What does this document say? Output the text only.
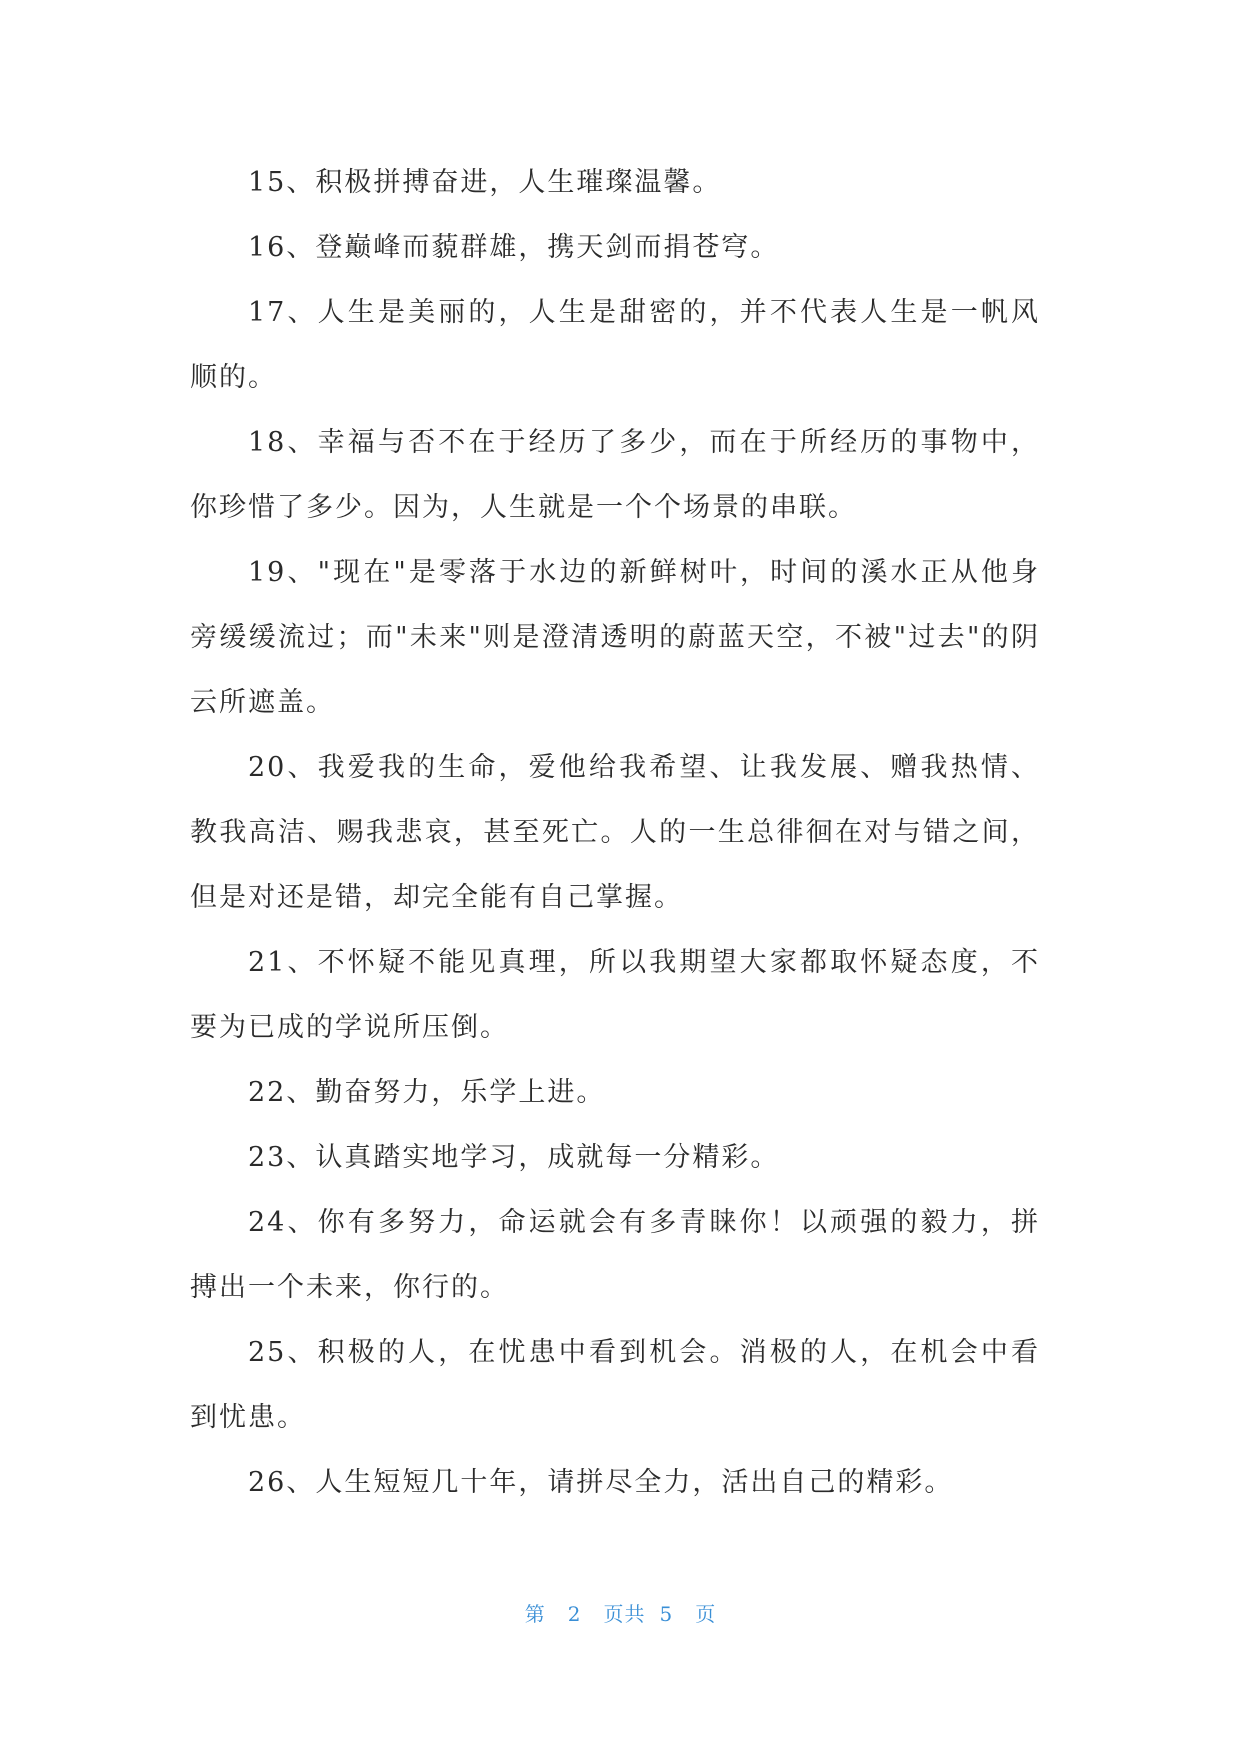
15、积极拼搏奋进，人生璀璨温馨。

16、登巅峰而藐群雄，携天剑而捐苍穹。

17、人生是美丽的，人生是甜密的，并不代表人生是一帆风顺的。

18、幸福与否不在于经历了多少，而在于所经历的事物中，你珍惜了多少。因为，人生就是一个个场景的串联。

19、"现在"是零落于水边的新鲜树叶，时间的溪水正从他身旁缓缓流过；而"未来"则是澄清透明的蔚蓝天空，不被"过去"的阴云所遮盖。

20、我爱我的生命，爱他给我希望、让我发展、赠我热情、教我高洁、赐我悲哀，甚至死亡。人的一生总徘徊在对与错之间，但是对还是错，却完全能有自己掌握。

21、不怀疑不能见真理，所以我期望大家都取怀疑态度，不要为已成的学说所压倒。

22、勤奋努力，乐学上进。

23、认真踏实地学习，成就每一分精彩。

24、你有多努力，命运就会有多青睐你！以顽强的毅力，拼搏出一个未来，你行的。

25、积极的人，在忧患中看到机会。消极的人，在机会中看到忧患。

26、人生短短几十年，请拼尽全力，活出自己的精彩。

第 2 页共 5 页
